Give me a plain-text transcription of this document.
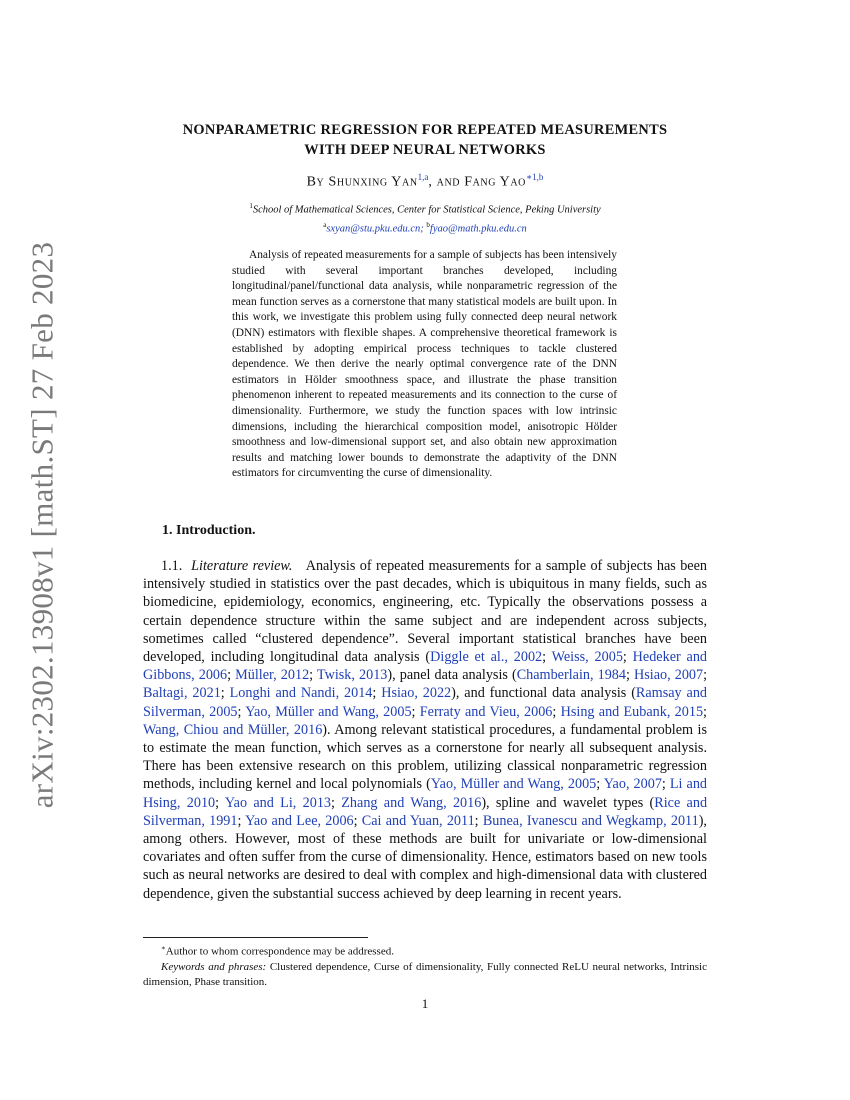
arXiv:2302.13908v1 [math.ST] 27 Feb 2023
NONPARAMETRIC REGRESSION FOR REPEATED MEASUREMENTS
WITH DEEP NEURAL NETWORKS
By Shunxing Yan$^{1,a}$, and Fang Yao$^{∗1,b}$
$^1$School of Mathematical Sciences, Center for Statistical Science, Peking University
$^a$sxyan@stu.pku.edu.cn; $^b$fyao@math.pku.edu.cn
Analysis of repeated measurements for a sample of subjects has been intensively studied with several important branches developed, including longitudinal/panel/functional data analysis, while nonparametric regression of the mean function serves as a cornerstone that many statistical models are built upon. In this work, we investigate this problem using fully connected deep neural network (DNN) estimators with flexible shapes. A comprehensive theoretical framework is established by adopting empirical process techniques to tackle clustered dependence. We then derive the nearly optimal convergence rate of the DNN estimators in Hölder smoothness space, and illustrate the phase transition phenomenon inherent to repeated measurements and its connection to the curse of dimensionality. Furthermore, we study the function spaces with low intrinsic dimensions, including the hierarchical composition model, anisotropic Hölder smoothness and low-dimensional support set, and also obtain new approximation results and matching lower bounds to demonstrate the adaptivity of the DNN estimators for circumventing the curse of dimensionality.
1. Introduction.
1.1. Literature review. Analysis of repeated measurements for a sample of subjects has been intensively studied in statistics over the past decades, which is ubiquitous in many fields, such as biomedicine, epidemiology, economics, engineering, etc. Typically the observations possess a certain dependence structure within the same subject and are independent across subjects, sometimes called “clustered dependence”. Several important statistical branches have been developed, including longitudinal data analysis (Diggle et al., 2002; Weiss, 2005; Hedeker and Gibbons, 2006; Müller, 2012; Twisk, 2013), panel data analysis (Chamberlain, 1984; Hsiao, 2007; Baltagi, 2021; Longhi and Nandi, 2014; Hsiao, 2022), and functional data analysis (Ramsay and Silverman, 2005; Yao, Müller and Wang, 2005; Ferraty and Vieu, 2006; Hsing and Eubank, 2015; Wang, Chiou and Müller, 2016). Among relevant statistical procedures, a fundamental problem is to estimate the mean function, which serves as a cornerstone for nearly all subsequent analysis. There has been extensive research on this problem, utilizing classical nonparametric regression methods, including kernel and local polynomials (Yao, Müller and Wang, 2005; Yao, 2007; Li and Hsing, 2010; Yao and Li, 2013; Zhang and Wang, 2016), spline and wavelet types (Rice and Silverman, 1991; Yao and Lee, 2006; Cai and Yuan, 2011; Bunea, Ivanescu and Wegkamp, 2011), among others. However, most of these methods are built for univariate or low-dimensional covariates and often suffer from the curse of dimensionality. Hence, estimators based on new tools such as neural networks are desired to deal with complex and high-dimensional data with clustered dependence, given the substantial success achieved by deep learning in recent years.
∗Author to whom correspondence may be addressed.
Keywords and phrases: Clustered dependence, Curse of dimensionality, Fully connected ReLU neural networks, Intrinsic dimension, Phase transition.
1
